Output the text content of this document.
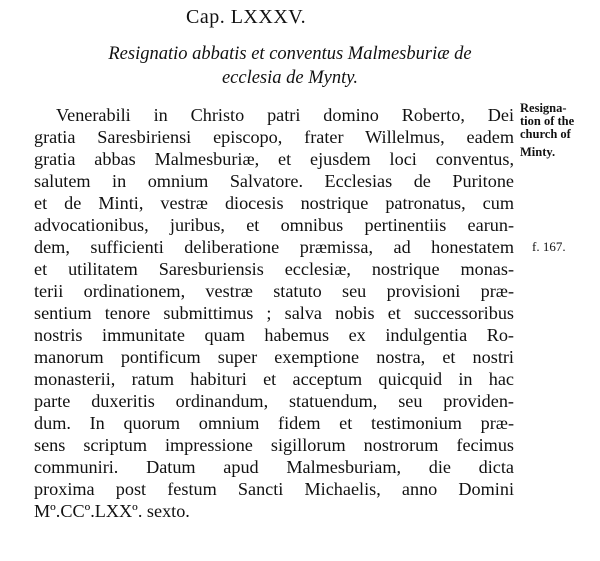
Cap. LXXXV.
Resignatio abbatis et conventus Malmesburiæ de
ecclesia de Mynty.
Venerabili in Christo patri domino Roberto, Dei
gratia Saresbiriensi episcopo, frater Willelmus, eadem
gratia abbas Malmesburiæ, et ejusdem loci conventus,
salutem in omnium Salvatore. Ecclesias de Puritone
et de Minti, vestræ diocesis nostrique patronatus, cum
advocationibus, juribus, et omnibus pertinentiis earun-
dem, sufficienti deliberatione præmissa, ad honestatem
et utilitatem Saresburiensis ecclesiæ, nostrique monas-
terii ordinationem, vestræ statuto seu provisioni præ-
sentium tenore submittimus ; salva nobis et successoribus
nostris immunitate quam habemus ex indulgentia Ro-
manorum pontificum super exemptione nostra, et nostri
monasterii, ratum habituri et acceptum quicquid in hac
parte duxeritis ordinandum, statuendum, seu providen-
dum. In quorum omnium fidem et testimonium præ-
sens scriptum impressione sigillorum nostrorum fecimus
communiri. Datum apud Malmesburiam, die dicta
proxima post festum Sancti Michaelis, anno Domini
Mº.CCº.LXXº. sexto.
Resigna-
tion of the
church of
Minty.
f. 167.
